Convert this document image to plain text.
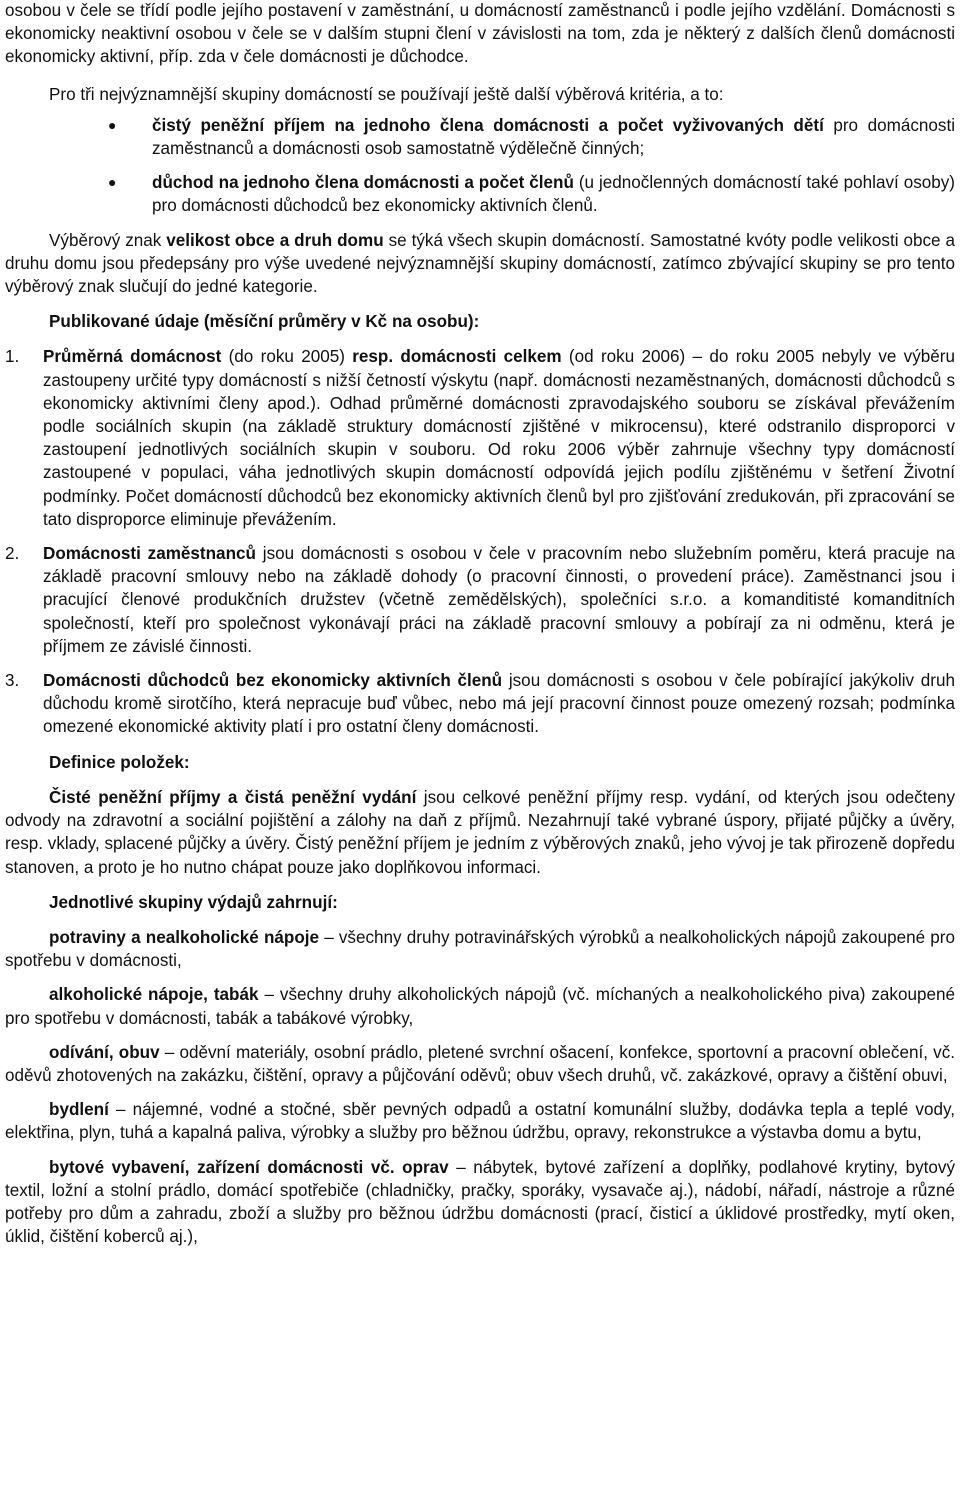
osobou v čele se třídí podle jejího postavení v zaměstnání, u domácností zaměstnanců i podle jejího vzdělání. Domácnosti s ekonomicky neaktivní osobou v čele se v dalším stupni člení v závislosti na tom, zda je některý z dalších členů domácnosti ekonomicky aktivní, příp. zda v čele domácnosti je důchodce.

Pro tři nejvýznamnější skupiny domácností se používají ještě další výběrová kritéria, a to:

● čistý peněžní příjem na jednoho člena domácnosti a počet vyživovaných dětí pro domácnosti zaměstnanců a domácnosti osob samostatně výdělečně činných;
● důchod na jednoho člena domácnosti a počet členů (u jednočlenných domácností také pohlaví osoby) pro domácnosti důchodců bez ekonomicky aktivních členů.

Výběrový znak velikost obce a druh domu se týká všech skupin domácností. Samostatné kvóty podle velikosti obce a druhu domu jsou předepsány pro výše uvedené nejvýznamnější skupiny domácností, zatímco zbývající skupiny se pro tento výběrový znak slučují do jedné kategorie.

Publikované údaje (měsíční průměry v Kč na osobu):

1.	Průměrná domácnost (do roku 2005) resp. domácnosti celkem (od roku 2006) – do roku 2005 nebyly ve výběru zastoupeny určité typy domácností s nižší četností výskytu (např. domácnosti nezaměstnaných, domácnosti důchodců s ekonomicky aktivními členy apod.). Odhad průměrné domácnosti zpravodajského souboru se získával převážením podle sociálních skupin (na základě struktury domácností zjištěné v mikrocensu), které odstranilo disproporci v zastoupení jednotlivých sociálních skupin v souboru. Od roku 2006 výběr zahrnuje všechny typy domácností zastoupené v populaci, váha jednotlivých skupin domácností odpovídá jejich podílu zjištěnému v šetření Životní podmínky. Počet domácností důchodců bez ekonomicky aktivních členů byl pro zjišťování zredukován, při zpracování se tato disproporce eliminuje převážením.

2.	Domácnosti zaměstnanců jsou domácnosti s osobou v čele v pracovním nebo služebním poměru, která pracuje na základě pracovní smlouvy nebo na základě dohody (o pracovní činnosti, o provedení práce). Zaměstnanci jsou i pracující členové produkčních družstev (včetně zemědělských), společníci s.r.o. a komanditisté komanditních společností, kteří pro společnost vykonávají práci na základě pracovní smlouvy a pobírají za ni odměnu, která je příjmem ze závislé činnosti.

3.	Domácnosti důchodců bez ekonomicky aktivních členů jsou domácnosti s osobou v čele pobírající jakýkoliv druh důchodu kromě sirotčího, která nepracuje buď vůbec, nebo má její pracovní činnost pouze omezený rozsah; podmínka omezené ekonomické aktivity platí i pro ostatní členy domácnosti.

Definice položek:

Čisté peněžní příjmy a čistá peněžní vydání jsou celkové peněžní příjmy resp. vydání, od kterých jsou odečteny odvody na zdravotní a sociální pojištění a zálohy na daň z příjmů. Nezahrnují také vybrané úspory, přijaté půjčky a úvěry, resp. vklady, splacené půjčky a úvěry. Čistý peněžní příjem je jedním z výběrových znaků, jeho vývoj je tak přirozeně dopředu stanoven, a proto je ho nutno chápat pouze jako doplňkovou informaci.

Jednotlivé skupiny výdajů zahrnují:

potraviny a nealkoholické nápoje – všechny druhy potravinářských výrobků a nealkoholických nápojů zakoupené pro spotřebu v domácnosti,

alkoholické nápoje, tabák – všechny druhy alkoholických nápojů (vč. míchaných a nealkoholického piva) zakoupené pro spotřebu v domácnosti, tabák a tabákové výrobky,

odívání, obuv – oděvní materiály, osobní prádlo, pletené svrchní ošacení, konfekce, sportovní a pracovní oblečení, vč. oděvů zhotovených na zakázku, čištění, opravy a půjčování oděvů; obuv všech druhů, vč. zakázkové, opravy a čištění obuvi,

bydlení – nájemné, vodné a stočné, sběr pevných odpadů a ostatní komunální služby, dodávka tepla a teplé vody, elektřina, plyn, tuhá a kapalná paliva, výrobky a služby pro běžnou údržbu, opravy, rekonstrukce a výstavba domu a bytu,

bytové vybavení, zařízení domácnosti vč. oprav – nábytek, bytové zařízení a doplňky, podlahové krytiny, bytový textil, ložní a stolní prádlo, domácí spotřebiče (chladničky, pračky, sporáky, vysavače aj.), nádobí, nářadí, nástroje a různé potřeby pro dům a zahradu, zboží a služby pro běžnou údržbu domácnosti (prací, čisticí a úklidové prostředky, mytí oken, úklid, čištění koberců aj.),
